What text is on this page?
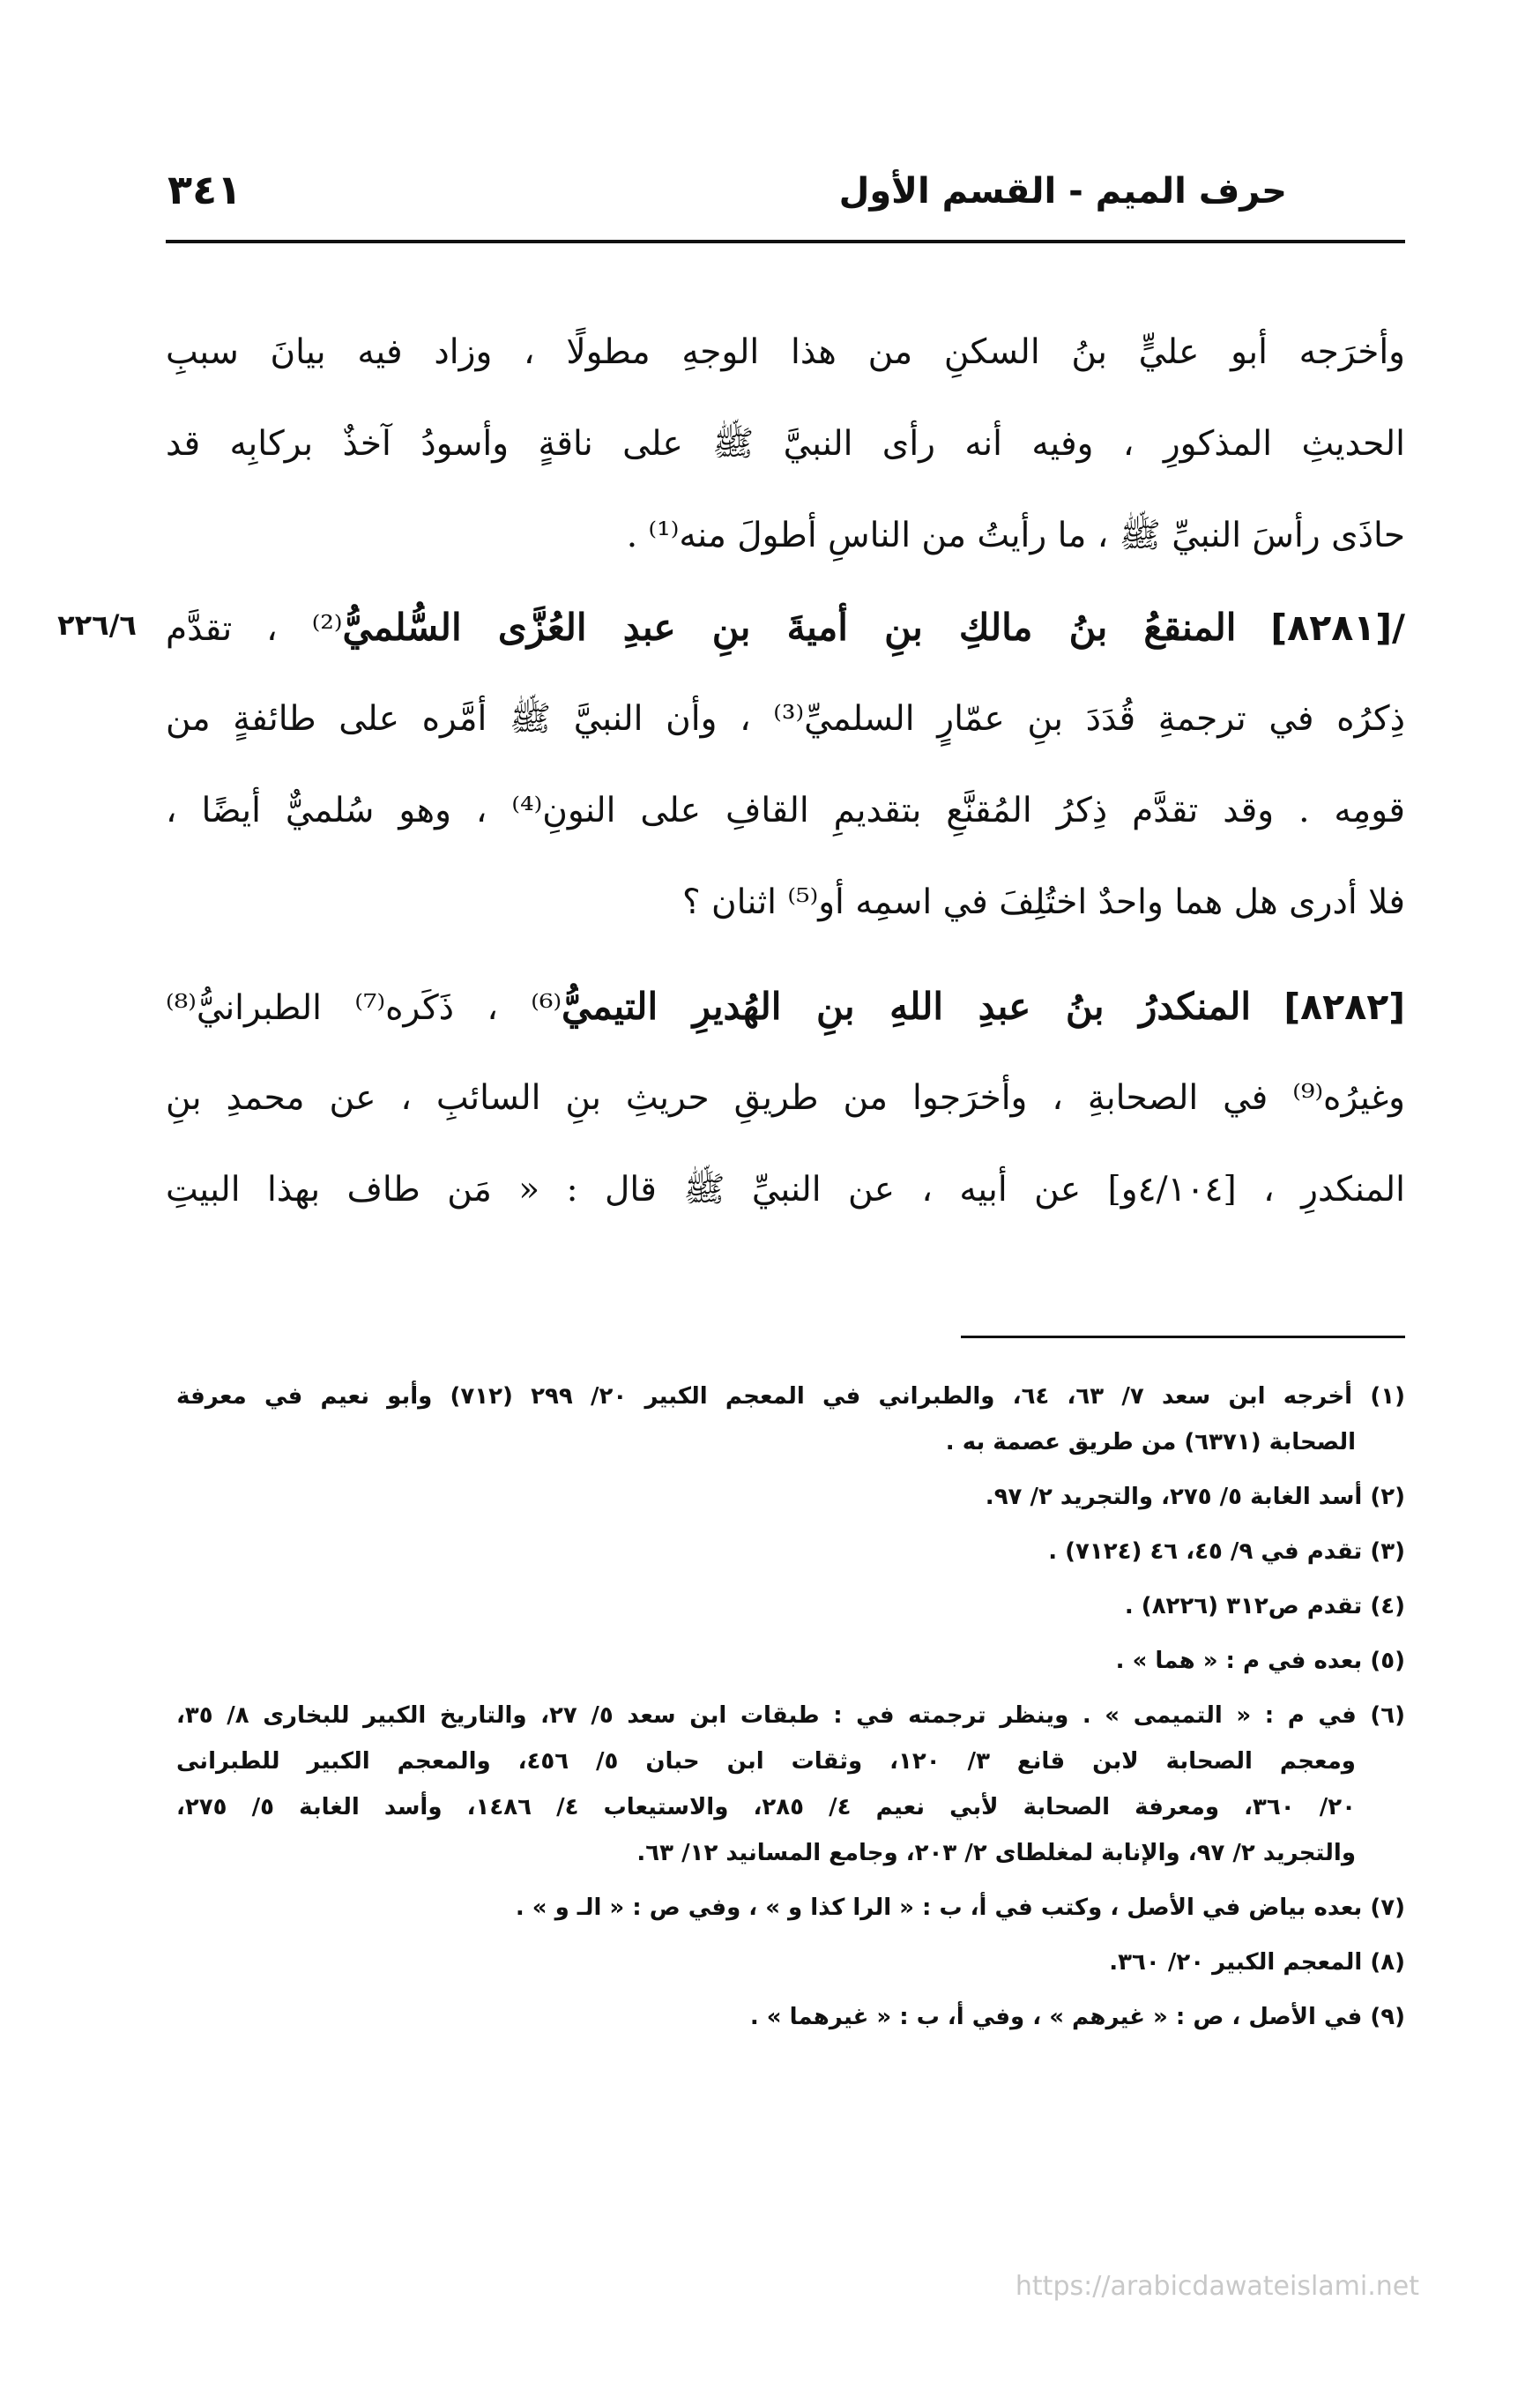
٣٤١	حرف الميم - القسم الأول
٢٢٦/٦
وأخرَجه أبو عليٍّ بنُ السكنِ من هذا الوجهِ مطولًا ، وزاد فيه بيانَ سببِ
الحديثِ المذكورِ ، وفيه أنه رأى النبيَّ ﷺ على ناقةٍ وأسودُ آخذٌ بركابِه قد
حاذَى رأسَ النبيِّ ﷺ ، ما رأيتُ من الناسِ أطولَ منه⁽¹⁾ .
/[٨٢٨١] المنقعُ بنُ مالكِ بنِ أميةَ بنِ عبدِ العُزَّى السُّلميُّ⁽²⁾ ، تقدَّم
ذِكرُه في ترجمةِ قُدَدَ بنِ عمّارٍ السلميِّ⁽³⁾ ، وأن النبيَّ ﷺ أمَّره على طائفةٍ من
قومِه . وقد تقدَّم ذِكرُ المُقنَّعِ بتقديمِ القافِ على النونِ⁽⁴⁾ ، وهو سُلميٌّ أيضًا ،
فلا أدرى هل هما واحدٌ اختُلِفَ في اسمِه أو⁽⁵⁾ اثنان ؟
[٨٢٨٢] المنكدرُ بنُ عبدِ اللهِ بنِ الهُديرِ التيميُّ⁽⁶⁾ ، ذَكَره⁽⁷⁾ الطبرانيُّ⁽⁸⁾
وغيرُه⁽⁹⁾ في الصحابةِ ، وأخرَجوا من طريقِ حريثِ بنِ السائبِ ، عن محمدِ بنِ
المنكدرِ ، [٤/١٠٤و] عن أبيه ، عن النبيِّ ﷺ قال : « مَن طاف بهذا البيتِ
(١) أخرجه ابن سعد ٧/ ٦٣، ٦٤، والطبراني في المعجم الكبير ٢٠/ ٢٩٩ (٧١٢) وأبو نعيم في معرفة
الصحابة (٦٣٧١) من طريق عصمة به .
(٢) أسد الغابة ٥/ ٢٧٥، والتجريد ٢/ ٩٧.
(٣) تقدم في ٩/ ٤٥، ٤٦ (٧١٢٤) .
(٤) تقدم ص٣١٢ (٨٢٢٦) .
(٥) بعده في م : « هما » .
(٦) في م : « التميمى » . وينظر ترجمته في : طبقات ابن سعد ٥/ ٢٧، والتاريخ الكبير للبخارى ٨/ ٣٥،
ومعجم الصحابة لابن قانع ٣/ ١٢٠، وثقات ابن حبان ٥/ ٤٥٦، والمعجم الكبير للطبرانى
٢٠/ ٣٦٠، ومعرفة الصحابة لأبي نعيم ٤/ ٢٨٥، والاستيعاب ٤/ ١٤٨٦، وأسد الغابة ٥/ ٢٧٥،
والتجريد ٢/ ٩٧، والإنابة لمغلطاى ٢/ ٢٠٣، وجامع المسانيد ١٢/ ٦٣.
(٧) بعده بياض في الأصل ، وكتب في أ، ب : « الرا كذا و » ، وفي ص : « الـ و » .
(٨) المعجم الكبير ٢٠/ ٣٦٠.
(٩) في الأصل ، ص : « غيرهم » ، وفي أ، ب : « غيرهما » .
https://arabicdawateislami.net
